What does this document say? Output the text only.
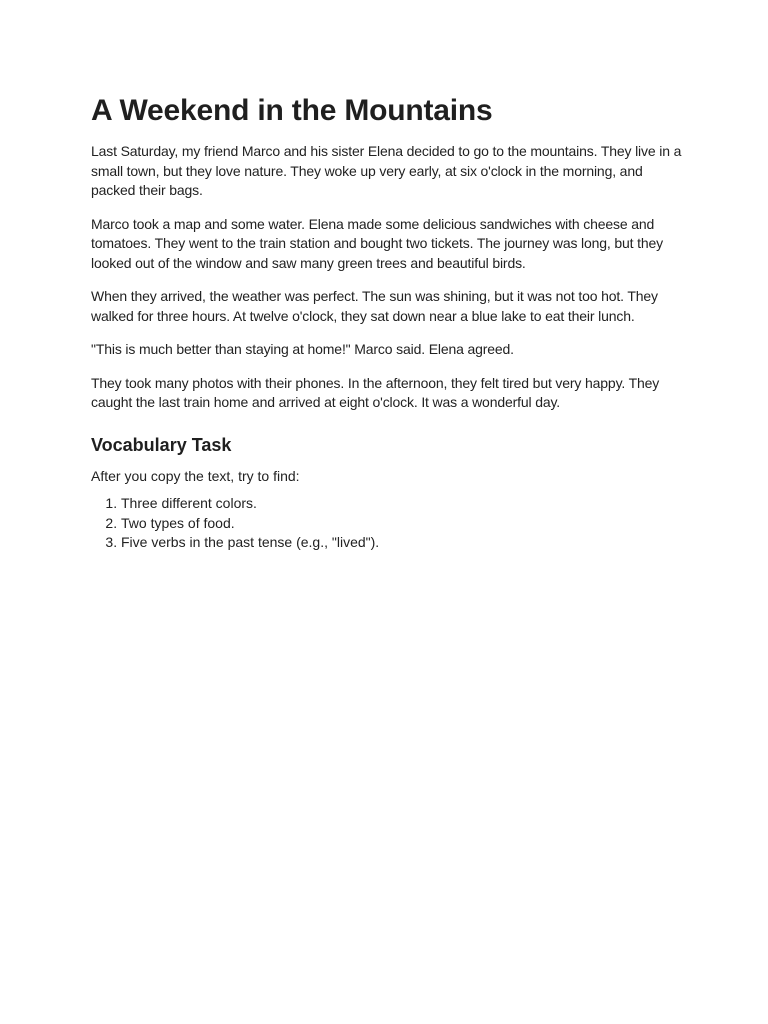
A Weekend in the Mountains

Last Saturday, my friend Marco and his sister Elena decided to go to the mountains. They live in a small town, but they love nature. They woke up very early, at six o'clock in the morning, and packed their bags.

Marco took a map and some water. Elena made some delicious sandwiches with cheese and tomatoes. They went to the train station and bought two tickets. The journey was long, but they looked out of the window and saw many green trees and beautiful birds.

When they arrived, the weather was perfect. The sun was shining, but it was not too hot. They walked for three hours. At twelve o'clock, they sat down near a blue lake to eat their lunch.

"This is much better than staying at home!" Marco said. Elena agreed.

They took many photos with their phones. In the afternoon, they felt tired but very happy. They caught the last train home and arrived at eight o'clock. It was a wonderful day.

Vocabulary Task

After you copy the text, try to find:

1. Three different colors.
2. Two types of food.
3. Five verbs in the past tense (e.g., "lived").
